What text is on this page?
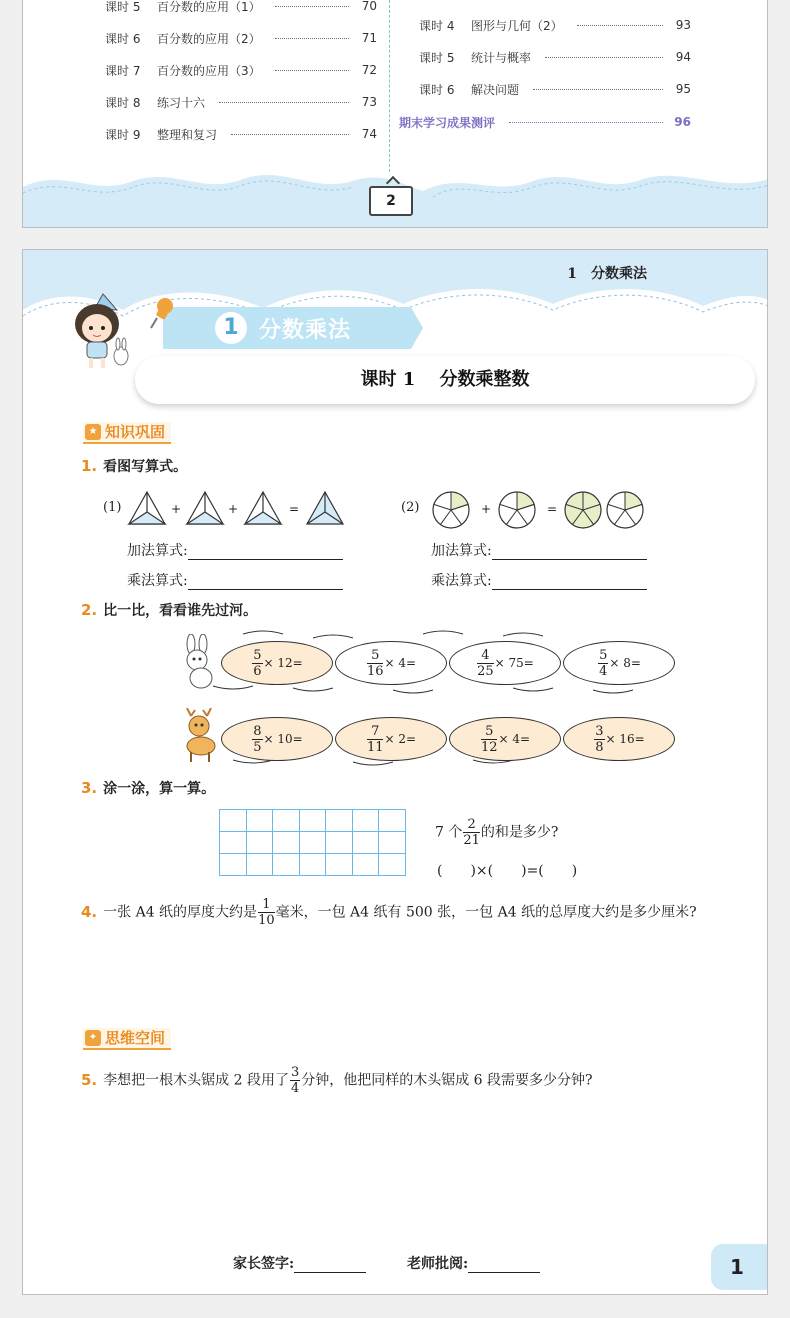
课时 5	百分数的应用（1）	70
课时 6	百分数的应用（2）	71
课时 7	百分数的应用（3）	72
课时 8	练习十六	73
课时 9	整理和复习	74
课时 4	图形与几何（2）	93
课时 5	统计与概率	94
课时 6	解决问题	95
期末学习成果测评	96
2
1　分数乘法
1 分数乘法
课时 1　 分数乘整数
★ 知识巩固
1. 看图写算式。
(1)	+	+	=	(2)	+	=
加法算式:
乘法算式:
加法算式:
乘法算式:
2. 比一比，看看谁先过河。
$\frac{5}{6} \times 12=$	$\frac{5}{16} \times 4=$	$\frac{4}{25} \times 75=$	$\frac{5}{4} \times 8=$
$\frac{8}{5} \times 10=$	$\frac{7}{11} \times 2=$	$\frac{5}{12} \times 4=$	$\frac{3}{8} \times 16=$
3. 涂一涂，算一算。

7 个 $\frac{2}{21}$ 的和是多少?
(　　)×(　　)=(　　)
4. 一张 A4 纸的厚度大约是 $\frac{1}{10}$ 毫米，一包 A4 纸有 500 张，一包 A4 纸的总厚度大约是多少厘米?
✦ 思维空间
5. 李想把一根木头锯成 2 段用了 $\frac{3}{4}$ 分钟，他把同样的木头锯成 6 段需要多少分钟?
家长签字:	老师批阅:	1
